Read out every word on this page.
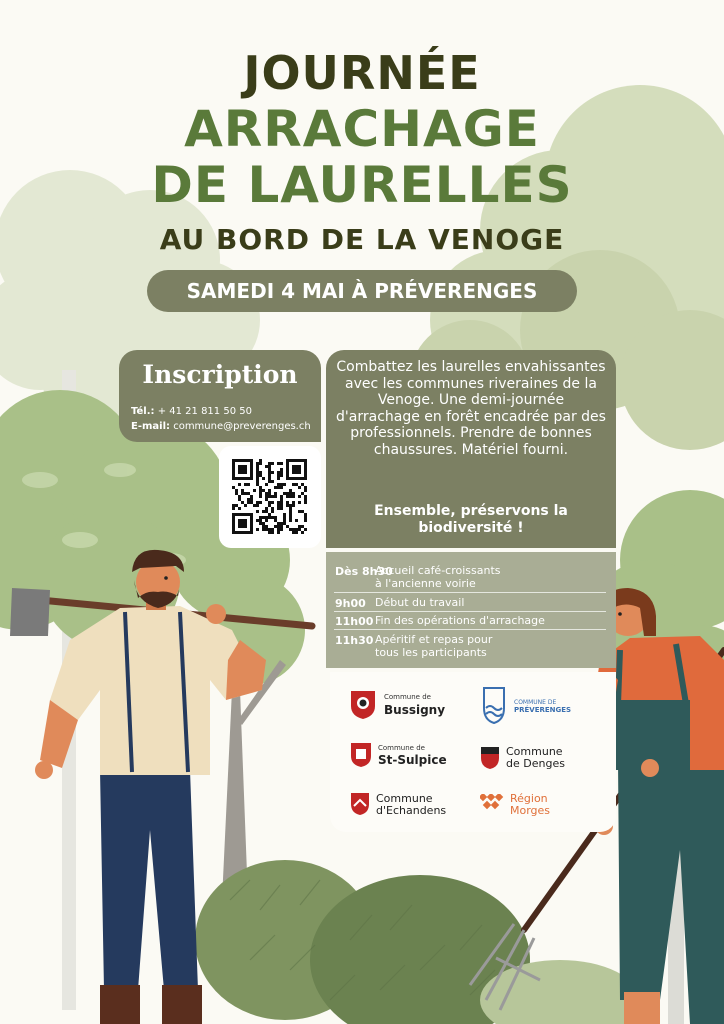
JOURNÉE
ARRACHAGE
DE LAURELLES
AU BORD DE LA VENOGE
SAMEDI 4 MAI À PRÉVERENGES
Inscription
Tél.: + 41 21 811 50 50
E-mail: commune@preverenges.ch
Combattez les laurelles envahissantes avec les communes riveraines de la Venoge. Une demi-journée d'arrachage en forêt encadrée par des professionnels. Prendre de bonnes chaussures. Matériel fourni.
Ensemble, préservons la biodiversité !
Dès 8h30
Accueil café-croissants
à l'ancienne voirie
9h00 Début du travail
11h00 Fin des opérations d'arrachage
11h30 Apéritif et repas pour
tous les participants
Commune de
Bussigny
COMMUNE DE
PRÉVERENGES
Commune de
St-Sulpice
Commune
de Denges
Commune
d'Echandens
Région
Morges
